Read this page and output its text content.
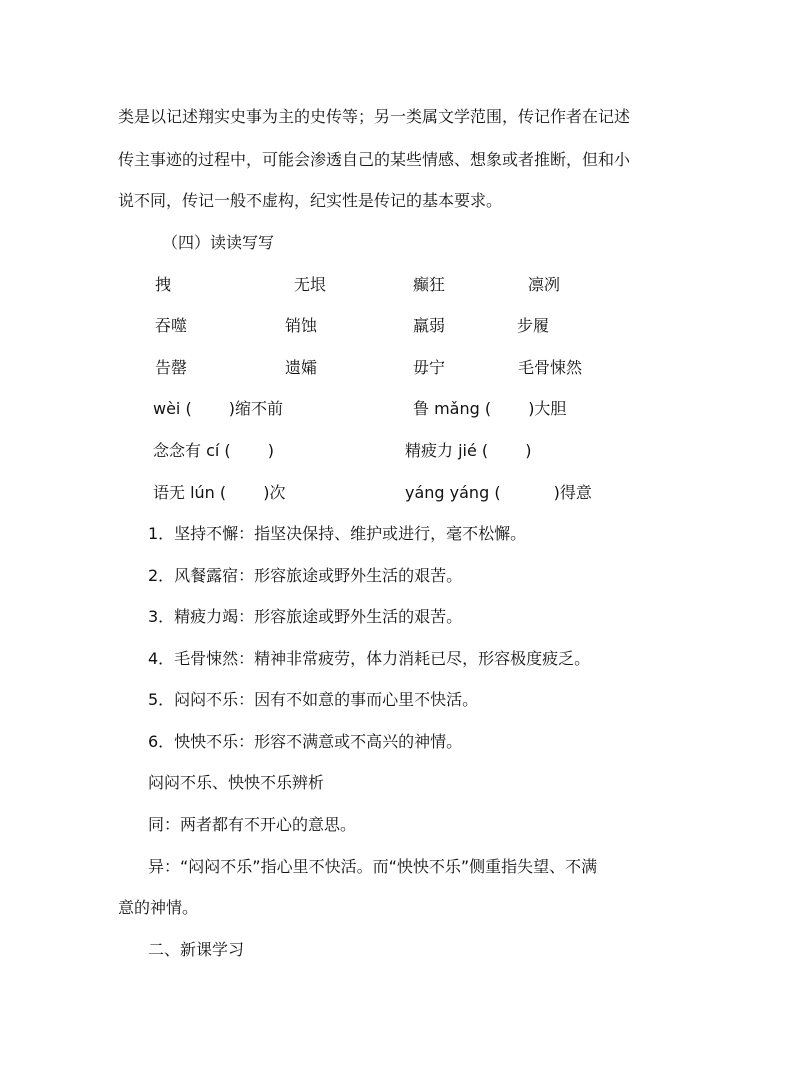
类是以记述翔实史事为主的史传等；另一类属文学范围，传记作者在记述
传主事迹的过程中，可能会渗透自己的某些情感、想象或者推断，但和小
说不同，传记一般不虚构，纪实性是传记的基本要求。
（四）读读写写
拽	无垠	癫狂	凛冽
吞噬	销蚀	羸弱	步履
告罄	遗孀	毋宁	毛骨悚然
wèi (　　 )缩不前	鲁 mǎng (　　 )大胆
念念有 cí (　　 )	精疲力 jié (　　 )
语无 lún (　　 )次	yáng yáng (　　　 )得意
1．坚持不懈：指坚决保持、维护或进行，毫不松懈。
2．风餐露宿：形容旅途或野外生活的艰苦。
3．精疲力竭：形容旅途或野外生活的艰苦。
4．毛骨悚然：精神非常疲劳，体力消耗已尽，形容极度疲乏。
5．闷闷不乐：因有不如意的事而心里不快活。
6．怏怏不乐：形容不满意或不高兴的神情。
闷闷不乐、怏怏不乐辨析
同：两者都有不开心的意思。
异：“闷闷不乐”指心里不快活。而“怏怏不乐”侧重指失望、不满
意的神情。
二、新课学习
